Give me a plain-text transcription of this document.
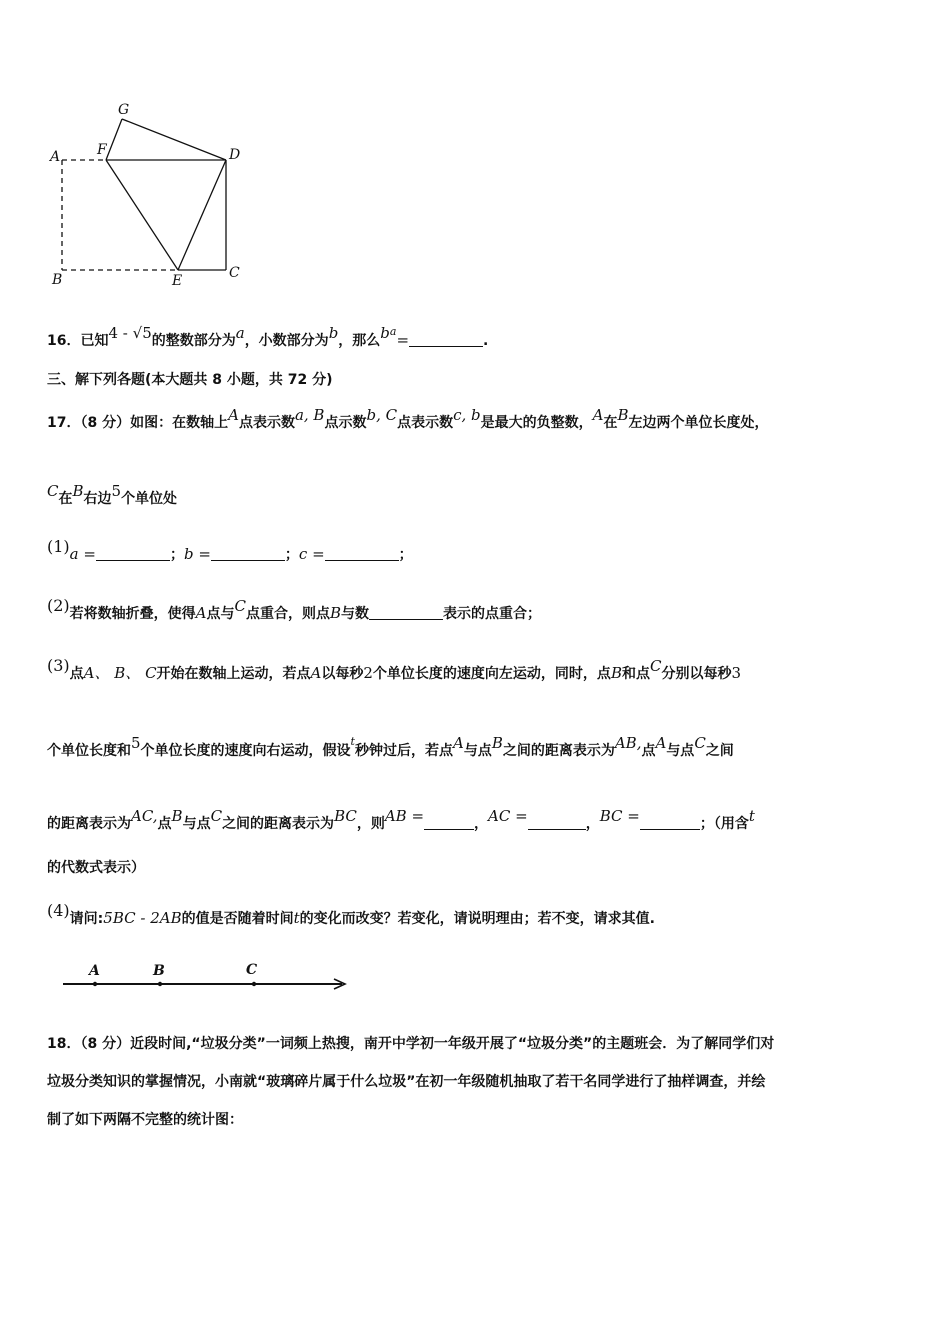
G
A	F	D
B	E	C
16．已知4 - √5的整数部分为a，小数部分为b，那么$b^a=$	.
三、解下列各题(本大题共 8 小题，共 72 分)
17．（8 分）如图：在数轴上A点表示数a, B点示数b, C点表示数c, b是最大的负整数，A在B左边两个单位长度处，
C在B右边5个单位处
(1)a =	；b =	；c =	；
(2)若将数轴折叠，使得A点与C点重合，则点B与数	表示的点重合；
(3)点A、 B、 C开始在数轴上运动，若点A以每秒2个单位长度的速度向左运动，同时，点B和点C分别以每秒3
个单位长度和5个单位长度的速度向右运动，假设$^t$秒钟过后，若点A与点B之间的距离表示为AB,点A与点C之间
的距离表示为AC,点B与点C之间的距离表示为BC，则AB =	，AC =	，BC =	；（用含t
的代数式表示）
(4)请问:5BC - 2AB的值是否随着时间t的变化而改变？若变化，请说明理由；若不变，请求其值.
A	B	C
18．（8 分）近段时间,“垃圾分类”一词频上热搜，南开中学初一年级开展了“垃圾分类”的主题班会．为了解同学们对
垃圾分类知识的掌握情况，小南就“玻璃碎片属于什么垃圾”在初一年级随机抽取了若干名同学进行了抽样调查，并绘
制了如下两隔不完整的统计图：
